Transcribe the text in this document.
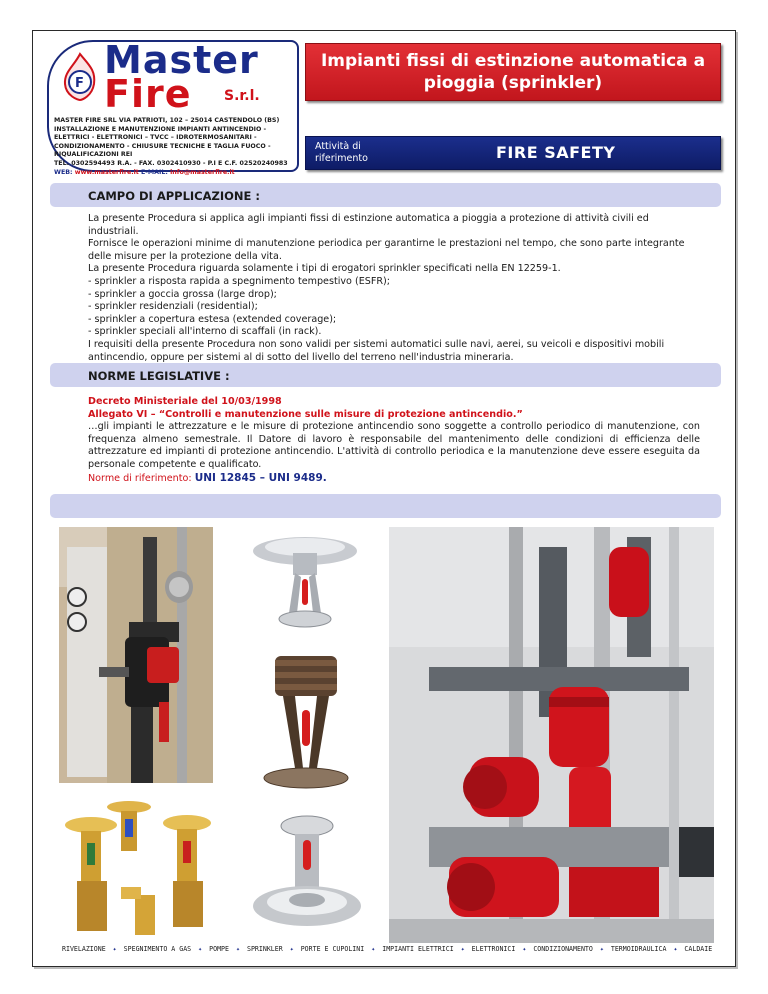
F
Master
Fire S.r.l.
MASTER FIRE SRL VIA PATRIOTI, 102 – 25014 CASTENDOLO (BS)
INSTALLAZIONE E MANUTENZIONE IMPIANTI ANTINCENDIO - ELETTRICI - ELETTRONICI – TVCC – IDROTERMOSANITARI - CONDIZIONAMENTO - CHIUSURE TECNICHE E TAGLIA FUOCO - RIQUALIFICAZIONI REI
TEL. 0302594493 R.A. - FAX. 0302410930 - P.I E C.F. 02520240983
WEB: www.masterfire.it E-MAIL: info@masterfire.it
Impianti fissi di estinzione automatica a pioggia (sprinkler)
Attività di riferimento	FIRE SAFETY
CAMPO DI APPLICAZIONE :

La presente Procedura si applica agli impianti fissi di estinzione automatica a pioggia a protezione di attività civili ed industriali.

Fornisce le operazioni minime di manutenzione periodica per garantirne le prestazioni nel tempo, che sono parte integrante delle misure per la protezione della vita.

La presente Procedura riguarda solamente i tipi di erogatori sprinkler specificati nella EN 12259-1.

- sprinkler a risposta rapida a spegnimento tempestivo (ESFR);

- sprinkler a goccia grossa (large drop);

- sprinkler residenziali (residential);

- sprinkler a copertura estesa (extended coverage);

- sprinkler speciali all'interno di scaffali (in rack).

I requisiti della presente Procedura non sono validi per sistemi automatici sulle navi, aerei, su veicoli e dispositivi mobili antincendio, oppure per sistemi al di sotto del livello del terreno nell'industria mineraria.

NORME LEGISLATIVE :

Decreto Ministeriale del 10/03/1998

Allegato VI – “Controlli e manutenzione sulle misure di protezione antincendio.”

…gli impianti le attrezzature e le misure di protezione antincendio sono soggette a controllo periodico di manutenzione, con frequenza almeno semestrale. Il Datore di lavoro è responsabile del mantenimento delle condizioni di efficienza delle attrezzature ed impianti di protezione antincendio. L'attività di controllo periodica e la manutenzione deve essere eseguita da personale competente e qualificato.

Norme di riferimento: UNI 12845 – UNI 9489.

RIVELAZIONE ✦ SPEGNIMENTO A GAS ✦ POMPE ✦ SPRINKLER ✦ PORTE E CUPOLINI ✦ IMPIANTI ELETTRICI ✦ ELETTRONICI ✦ CONDIZIONAMENTO ✦ TERMOIDRAULICA ✦ CALDAIE
